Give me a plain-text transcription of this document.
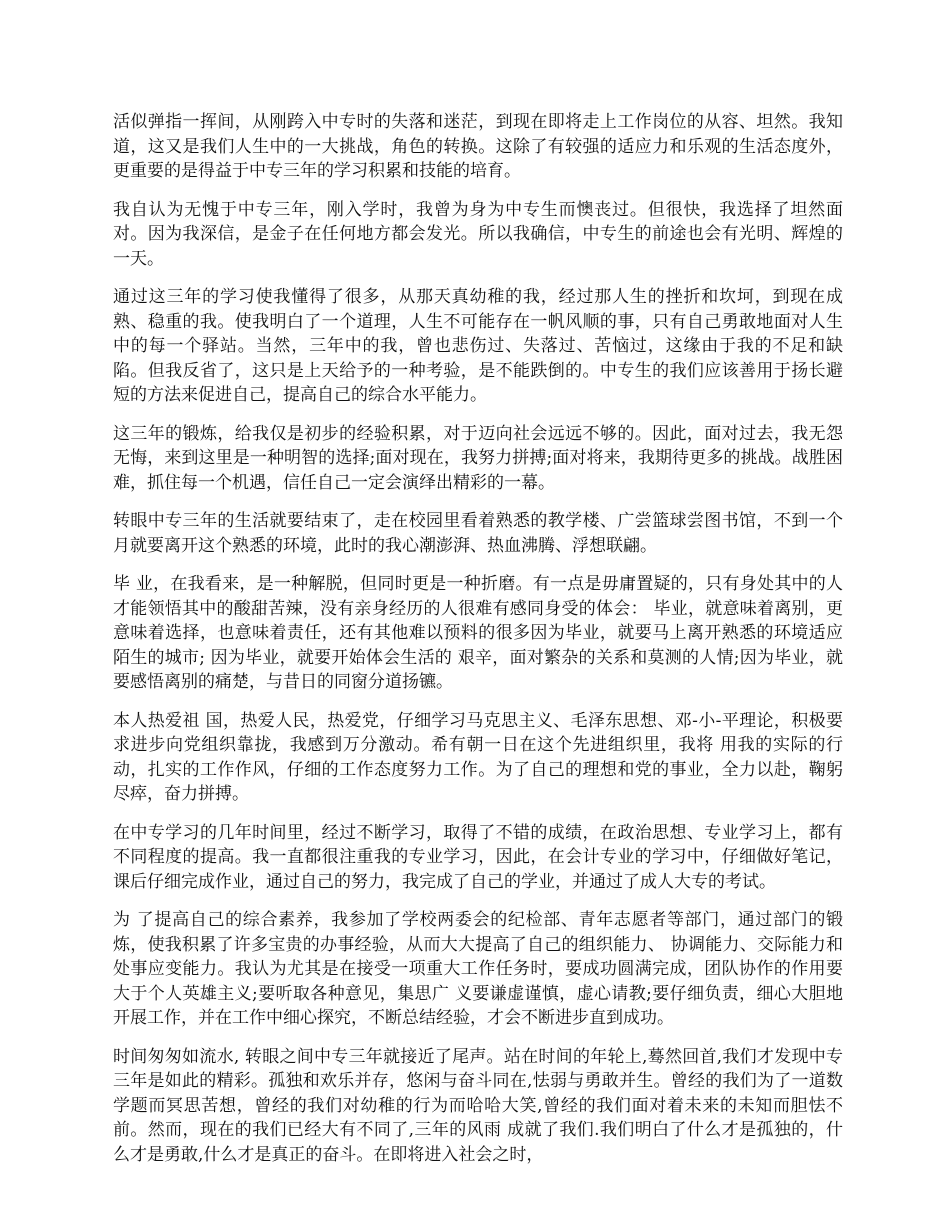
活似弹指一挥间，从刚跨入中专时的失落和迷茫，到现在即将走上工作岗位的从容、坦然。我知道，这又是我们人生中的一大挑战，角色的转换。这除了有较强的适应力和乐观的生活态度外，更重要的是得益于中专三年的学习积累和技能的培育。

我自认为无愧于中专三年，刚入学时，我曾为身为中专生而懊丧过。但很快，我选择了坦然面对。因为我深信，是金子在任何地方都会发光。所以我确信，中专生的前途也会有光明、辉煌的一天。

通过这三年的学习使我懂得了很多，从那天真幼稚的我，经过那人生的挫折和坎坷，到现在成熟、稳重的我。使我明白了一个道理，人生不可能存在一帆风顺的事，只有自己勇敢地面对人生中的每一个驿站。当然，三年中的我，曾也悲伤过、失落过、苦恼过，这缘由于我的不足和缺陷。但我反省了，这只是上天给予的一种考验，是不能跌倒的。中专生的我们应该善用于扬长避短的方法来促进自己，提高自己的综合水平能力。

这三年的锻炼，给我仅是初步的经验积累，对于迈向社会远远不够的。因此，面对过去，我无怨无悔，来到这里是一种明智的选择;面对现在，我努力拼搏;面对将来，我期待更多的挑战。战胜困难，抓住每一个机遇，信任自己一定会演绎出精彩的一幕。

转眼中专三年的生活就要结束了，走在校园里看着熟悉的教学楼、广尝篮球尝图书馆，不到一个月就要离开这个熟悉的环境，此时的我心潮澎湃、热血沸腾、浮想联翩。

毕 业，在我看来，是一种解脱，但同时更是一种折磨。有一点是毋庸置疑的，只有身处其中的人才能领悟其中的酸甜苦辣，没有亲身经历的人很难有感同身受的体会： 毕业，就意味着离别，更意味着选择，也意味着责任，还有其他难以预料的很多因为毕业，就要马上离开熟悉的环境适应陌生的城市; 因为毕业，就要开始体会生活的 艰辛，面对繁杂的关系和莫测的人情;因为毕业，就要感悟离别的痛楚，与昔日的同窗分道扬镳。

本人热爱祖 国，热爱人民，热爱党，仔细学习马克思主义、毛泽东思想、邓-小-平理论，积极要求进步向党组织靠拢，我感到万分激动。希有朝一日在这个先进组织里，我将 用我的实际的行动，扎实的工作作风，仔细的工作态度努力工作。为了自己的理想和党的事业，全力以赴，鞠躬尽瘁，奋力拼搏。

在中专学习的几年时间里，经过不断学习，取得了不错的成绩，在政治思想、专业学习上，都有不同程度的提高。我一直都很注重我的专业学习，因此，在会计专业的学习中，仔细做好笔记，课后仔细完成作业，通过自己的努力，我完成了自己的学业，并通过了成人大专的考试。

为 了提高自己的综合素养，我参加了学校两委会的纪检部、青年志愿者等部门，通过部门的锻炼，使我积累了许多宝贵的办事经验，从而大大提高了自己的组织能力、 协调能力、交际能力和处事应变能力。我认为尤其是在接受一项重大工作任务时，要成功圆满完成，团队协作的作用要大于个人英雄主义;要听取各种意见，集思广 义要谦虚谨慎，虚心请教;要仔细负责，细心大胆地开展工作，并在工作中细心探究，不断总结经验，才会不断进步直到成功。

时间匆匆如流水, 转眼之间中专三年就接近了尾声。站在时间的年轮上,蓦然回首,我们才发现中专三年是如此的精彩。孤独和欢乐并存，悠闲与奋斗同在,怯弱与勇敢并生。曾经的我们为了一道数学题而冥思苦想，曾经的我们对幼稚的行为而哈哈大笑,曾经的我们面对着未来的未知而胆怯不前。然而，现在的我们已经大有不同了,三年的风雨 成就了我们.我们明白了什么才是孤独的，什么才是勇敢,什么才是真正的奋斗。在即将进入社会之时，
